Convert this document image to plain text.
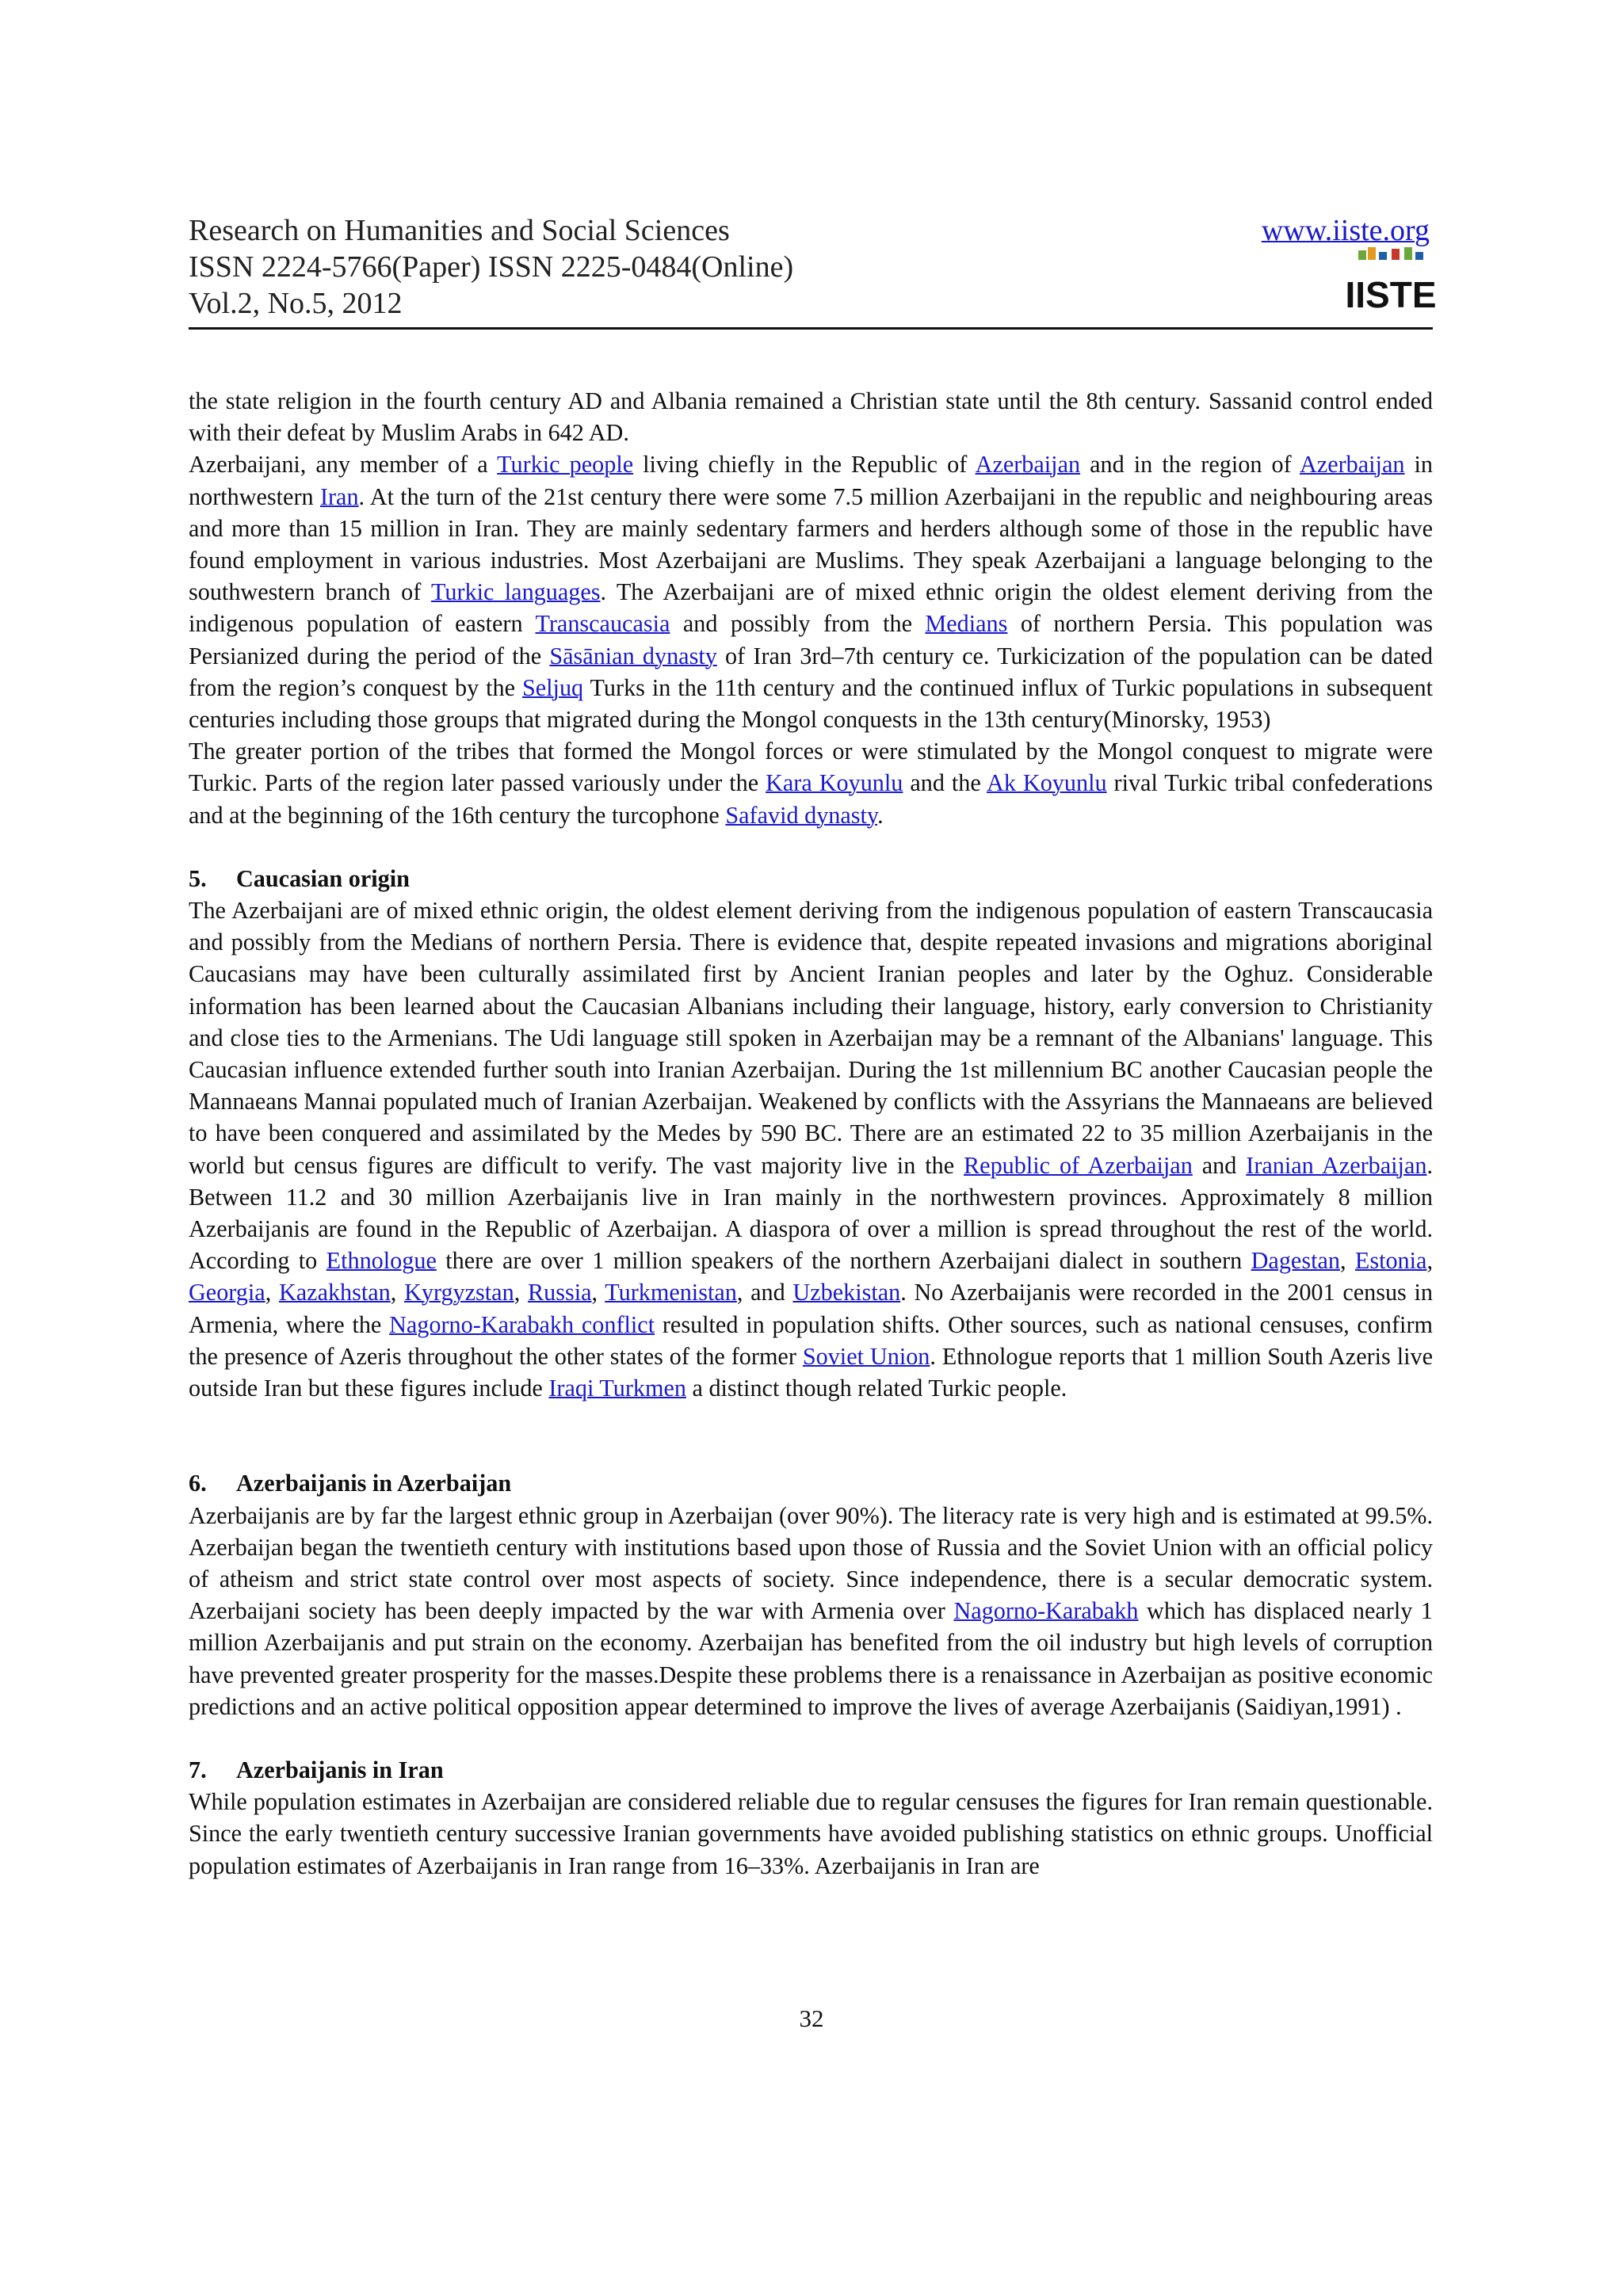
Research on Humanities and Social Sciences
ISSN 2224-5766(Paper) ISSN 2225-0484(Online)
Vol.2, No.5, 2012
www.iiste.org
IISTE

the state religion in the fourth century AD and Albania remained a Christian state until the 8th century. Sassanid control ended with their defeat by Muslim Arabs in 642 AD.

Azerbaijani, any member of a Turkic people living chiefly in the Republic of Azerbaijan and in the region of Azerbaijan in northwestern Iran. At the turn of the 21st century there were some 7.5 million Azerbaijani in the republic and neighbouring areas and more than 15 million in Iran. They are mainly sedentary farmers and herders although some of those in the republic have found employment in various industries. Most Azerbaijani are Muslims. They speak Azerbaijani a language belonging to the southwestern branch of Turkic languages. The Azerbaijani are of mixed ethnic origin the oldest element deriving from the indigenous population of eastern Transcaucasia and possibly from the Medians of northern Persia. This population was Persianized during the period of the Sāsānian dynasty of Iran 3rd–7th century ce. Turkicization of the population can be dated from the region’s conquest by the Seljuq Turks in the 11th century and the continued influx of Turkic populations in subsequent centuries including those groups that migrated during the Mongol conquests in the 13th century(Minorsky, 1953)

The greater portion of the tribes that formed the Mongol forces or were stimulated by the Mongol conquest to migrate were Turkic. Parts of the region later passed variously under the Kara Koyunlu and the Ak Koyunlu rival Turkic tribal confederations and at the beginning of the 16th century the turcophone Safavid dynasty.

5. Caucasian origin

The Azerbaijani are of mixed ethnic origin, the oldest element deriving from the indigenous population of eastern Transcaucasia and possibly from the Medians of northern Persia. There is evidence that, despite repeated invasions and migrations aboriginal Caucasians may have been culturally assimilated first by Ancient Iranian peoples and later by the Oghuz. Considerable information has been learned about the Caucasian Albanians including their language, history, early conversion to Christianity and close ties to the Armenians. The Udi language still spoken in Azerbaijan may be a remnant of the Albanians' language. This Caucasian influence extended further south into Iranian Azerbaijan. During the 1st millennium BC another Caucasian people the Mannaeans Mannai populated much of Iranian Azerbaijan. Weakened by conflicts with the Assyrians the Mannaeans are believed to have been conquered and assimilated by the Medes by 590 BC. There are an estimated 22 to 35 million Azerbaijanis in the world but census figures are difficult to verify. The vast majority live in the Republic of Azerbaijan and Iranian Azerbaijan. Between 11.2 and 30 million Azerbaijanis live in Iran mainly in the northwestern provinces. Approximately 8 million Azerbaijanis are found in the Republic of Azerbaijan. A diaspora of over a million is spread throughout the rest of the world. According to Ethnologue there are over 1 million speakers of the northern Azerbaijani dialect in southern Dagestan, Estonia, Georgia, Kazakhstan, Kyrgyzstan, Russia, Turkmenistan, and Uzbekistan. No Azerbaijanis were recorded in the 2001 census in Armenia, where the Nagorno-Karabakh conflict resulted in population shifts. Other sources, such as national censuses, confirm the presence of Azeris throughout the other states of the former Soviet Union. Ethnologue reports that 1 million South Azeris live outside Iran but these figures include Iraqi Turkmen a distinct though related Turkic people.

6. Azerbaijanis in Azerbaijan

Azerbaijanis are by far the largest ethnic group in Azerbaijan (over 90%). The literacy rate is very high and is estimated at 99.5%. Azerbaijan began the twentieth century with institutions based upon those of Russia and the Soviet Union with an official policy of atheism and strict state control over most aspects of society. Since independence, there is a secular democratic system. Azerbaijani society has been deeply impacted by the war with Armenia over Nagorno-Karabakh which has displaced nearly 1 million Azerbaijanis and put strain on the economy. Azerbaijan has benefited from the oil industry but high levels of corruption have prevented greater prosperity for the masses.Despite these problems there is a renaissance in Azerbaijan as positive economic predictions and an active political opposition appear determined to improve the lives of average Azerbaijanis (Saidiyan,1991) .

7. Azerbaijanis in Iran

While population estimates in Azerbaijan are considered reliable due to regular censuses the figures for Iran remain questionable. Since the early twentieth century successive Iranian governments have avoided publishing statistics on ethnic groups. Unofficial population estimates of Azerbaijanis in Iran range from 16–33%. Azerbaijanis in Iran are

32
